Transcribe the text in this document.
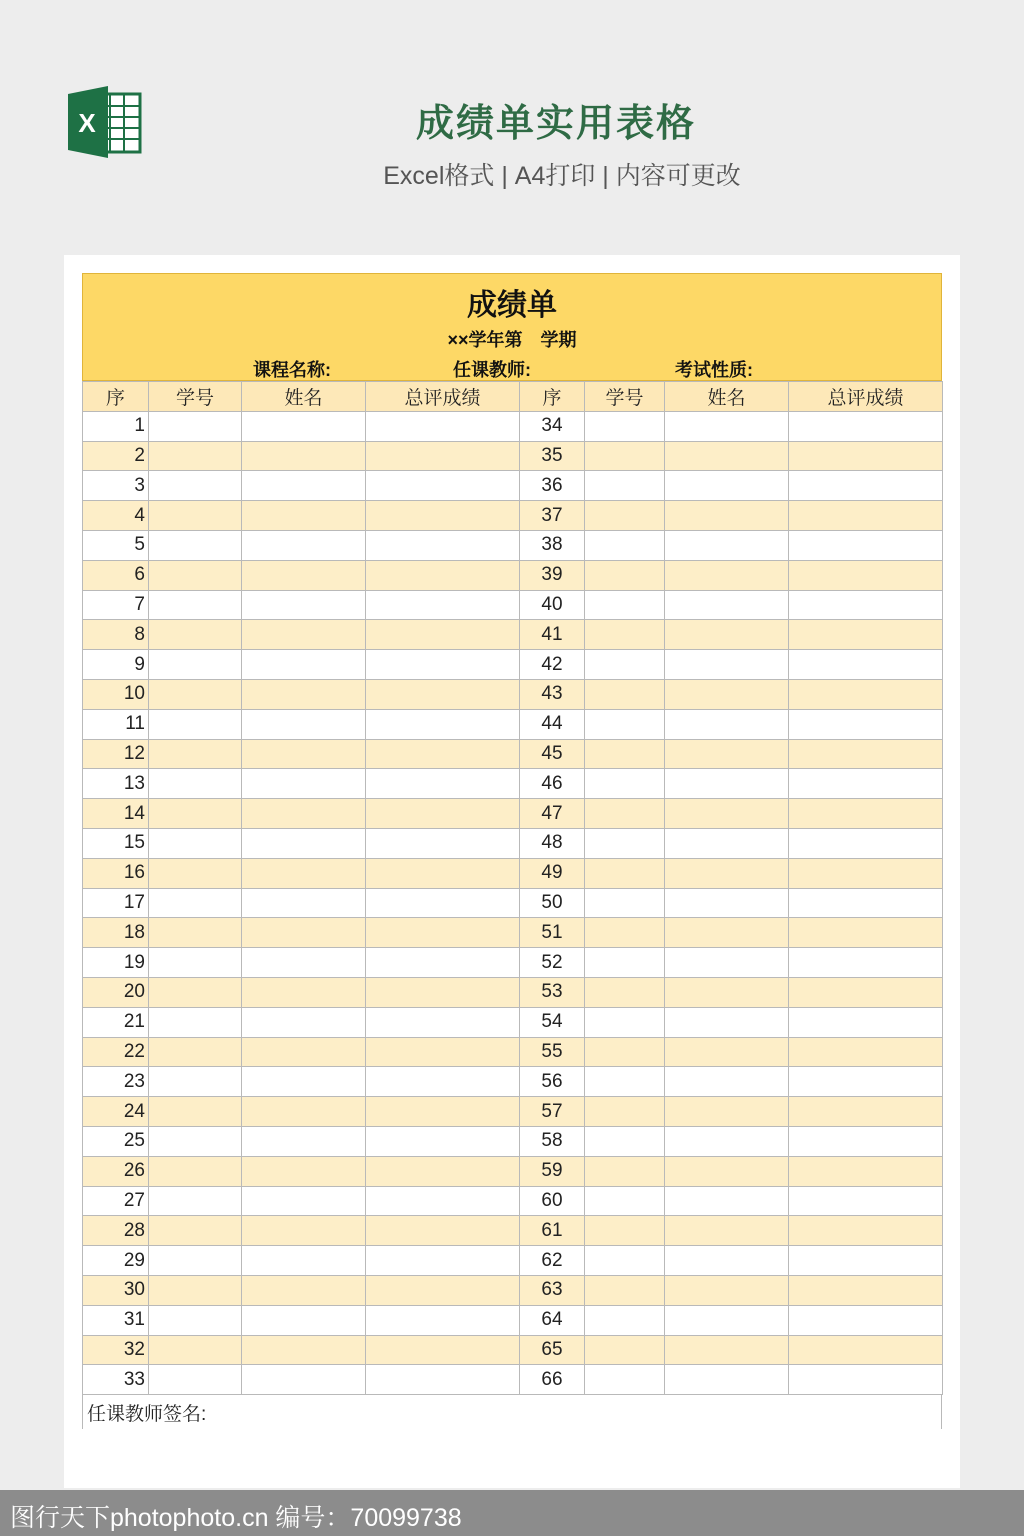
X	成绩单实用表格
Excel格式 | A4打印 | 内容可更改
成绩单
××学年第　学期
课程名称:	任课教师:	考试性质:
序	学号	姓名	总评成绩	序	学号	姓名	总评成绩
1				34			
2				35			
3				36			
4				37			
5				38			
6				39			
7				40			
8				41			
9				42			
10				43			
11				44			
12				45			
13				46			
14				47			
15				48			
16				49			
17				50			
18				51			
19				52			
20				53			
21				54			
22				55			
23				56			
24				57			
25				58			
26				59			
27				60			
28				61			
29				62			
30				63			
31				64			
32				65			
33				66			
任课教师签名:
图行天下photophoto.cn 编号：70099738
